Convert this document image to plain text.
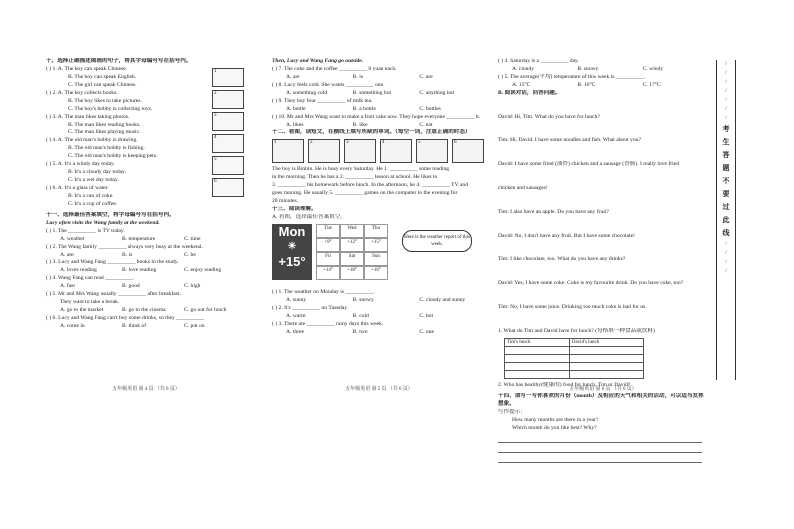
十、选择正确描述图画的句子，将其字母编号写在括号内。
1
2
3
4
5
6
( ) 1. A. The boy can speak Chinese.
B. The boy can speak English.
C. The girl can speak Chinese.
( ) 2. A. The boy collects books.
B. The boy likes to take pictures.
C. The boy's hobby is collecting toys.
( ) 3. A. The man likes taking photos.
B. The man likes reading books.
C. The man likes playing music.
( ) 4. A. The old man's hobby is drawing.
B. The old man's hobby is fishing.
C. The old man's hobby is keeping pets.
( ) 5. A. It's a windy day today.
B. It's a cloudy day today.
C. It's a wet day today.
( ) 6. A. It's a glass of water.
B. It's a can of coke.
C. It's a cup of coffee.
十一、选择最佳答案填空，将字母编号写在括号内。
Lucy often visits the Wang family at the weekend.
( ) 1. The __________ is TV today.
A. weather	B. temperature	C. time
( ) 2. The Wang family __________ always very busy at the weekend.
A. am	B. is	C. be
( ) 3. Lucy and Wang Fang __________ books in the study.
A. loves reading	B. love reading	C. enjoy reading
( ) 4. Wang Fang can read __________.
A. fast	B. good	C. high
( ) 5. Mr and Mrs Wang usually __________ after breakfast.
They want to take a break.
A. go to the market	B. go to the cinema	C. go out for lunch
( ) 6. Lucy and Wang Fang can't buy some drinks, so they __________
A. come in	B. think of	C. put on
五年级英语 第 4 页 （共 6 页）
Then, Lucy and Wang Fang go outside.
( ) 7. The coke and the coffee __________ 8 yuan each.
A. are	B. is	C. are
( ) 8. Lucy feels cold. She wants __________ one.
A. something cold	B. something hot	C. anything hot
( ) 9. They buy four __________ of milk tea.
A. bottle	B. a bottle	C. bottles
( ) 10. Mr and Mrs Wang want to make a fruit cake now. They hope everyone __________ it.
A. likes	B. like	C. eat
十二、看图，读短文，在横线上填写所缺的单词。（每空一词，注意正确的时态）
1	2	3	4	5	6
The boy is Binbin. He is busy every Saturday. He 1. __________ some reading
in the morning. Then he has a 2. __________ lesson at school. He likes to
3. __________ his homework before lunch. In the afternoon, he 4. __________ TV and
goes running. He usually 5. __________ games on the computer in the evening for
20 minutes.
十三、阅读理解。
A. 看图，选择最佳答案填空。
Mon
☀
+15°
Tue	Wed	Thu
+9°	+12°	+15°
Fri	Sat	Sun
+14°	+18°	+16°
Here is the weather report of this week.
( ) 1. The weather on Monday is __________.
A. sunny	B. snowy	C. cloudy and sunny
( ) 2. It's __________ on Tuesday.
A. warm	B. cold	C. hot
( ) 3. There are __________ rainy days this week.
A. three	B. two	C. one
五年级英语 第 5 页 （共 6 页）
( ) 4. Saturday is a __________ day.
A. cloudy	B. snowy	C. windy
( ) 5. The average(平均) temperature of this week is __________.
A. 15°C	B. 16°C	C. 17°C
B. 阅读对话，回答问题。

David: Hi, Tim. What do you have for lunch?

Tim: Hi, David. I have some noodles and fish. What about you?

David: I have some fried (油炸) chicken and a sausage (香肠). I really love fried

chicken and sausages!

Tim: I also have an apple. Do you have any fruit?

David: No, I don't have any fruit. But I have some chocolate!

Tim: I like chocolate, too. What do you have any drinks?

David: Yes, I have some coke. Coke is my favourite drink. Do you have coke, too?

Tim: No, I have some juice. Drinking too much coke is bad for us.

1. What do Tim and David have for lunch? (每格填一种食品或饮料)
Tim's lunch	David's lunch

2. Who has healthy(健康的) food for lunch, Tim or David?
十四、请写一写你喜欢的月份（month）及相应的天气和相关的活动，可以适当发挥想象。
写作提示：
How many months are there in a year?
Which month do you like best? Why?
五年级英语 第 6 页 （共 6 页）
/
/
/
/
/
/
/
考
生
答
题
不
要
过
此
线
/
/
/
/
